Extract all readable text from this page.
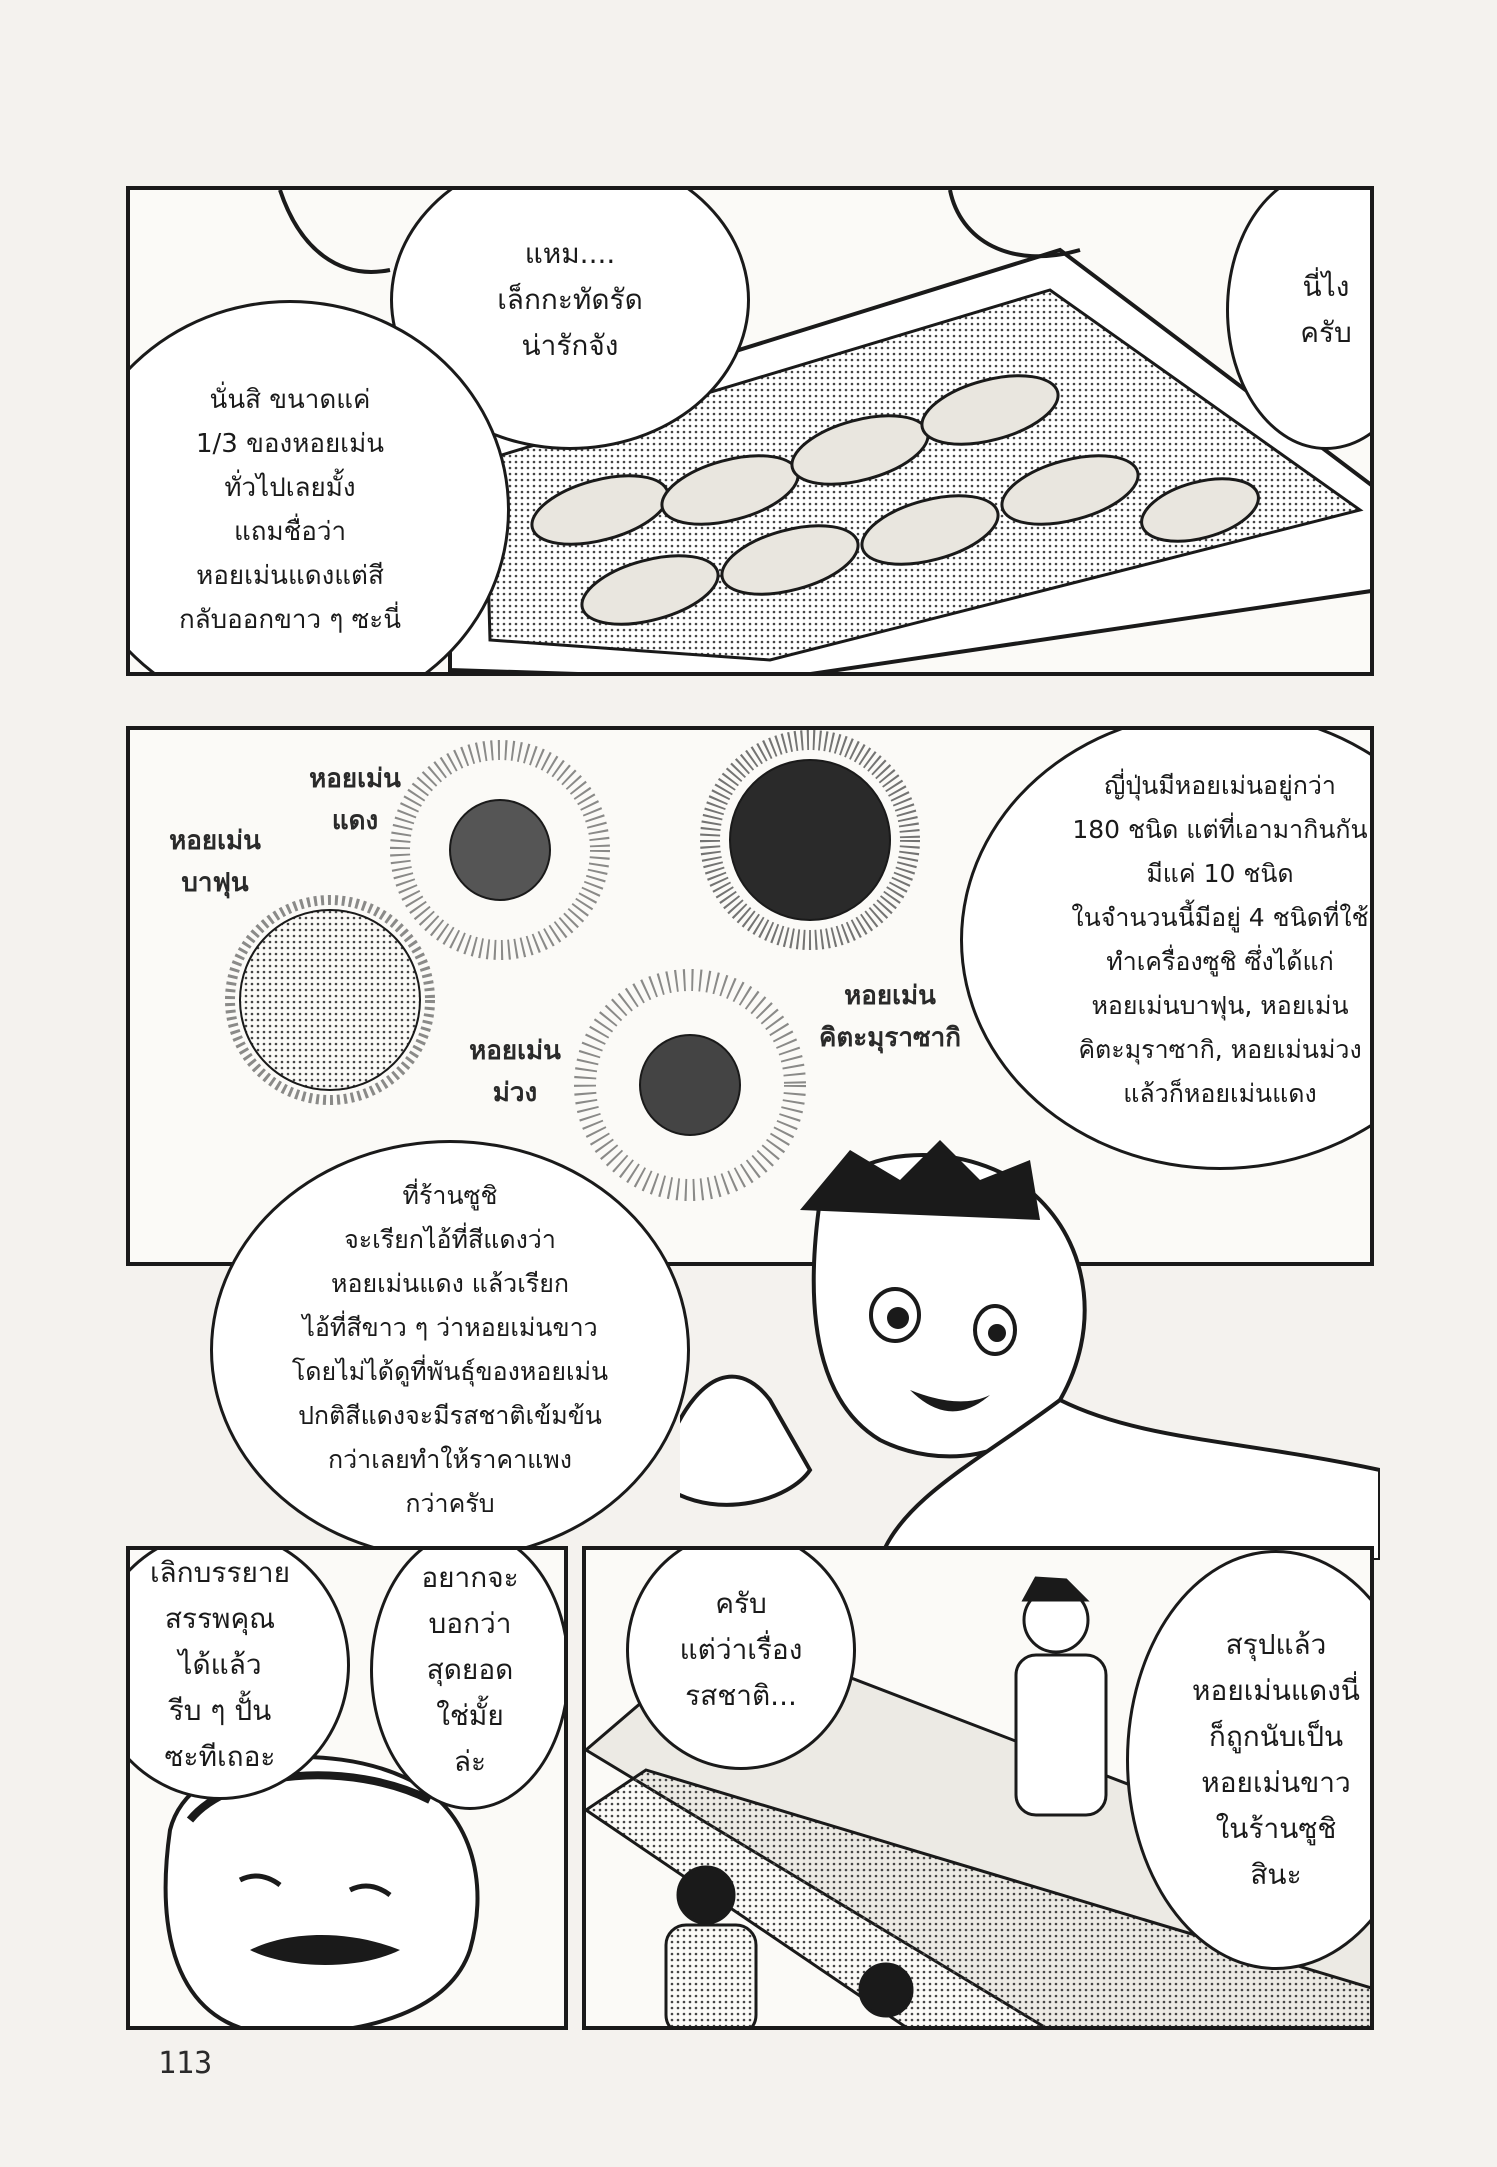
แหม....
เล็กกะทัดรัด
น่ารักจัง
นี่ไง
ครับ
นั่นสิ ขนาดแค่
1/3 ของหอยเม่น
ทั่วไปเลยมั้ง
แถมชื่อว่า
หอยเม่นแดงแต่สี
กลับออกขาว ๆ ซะนี่
หอยเม่น
แดง
หอยเม่น
บาฟุน
หอยเม่น
คิตะมุราซากิ
หอยเม่น
ม่วง
ญี่ปุ่นมีหอยเม่นอยู่กว่า
180 ชนิด แต่ที่เอามากินกัน
มีแค่ 10 ชนิด
ในจำนวนนี้มีอยู่ 4 ชนิดที่ใช้
ทำเครื่องซูชิ ซึ่งได้แก่
หอยเม่นบาฟุน, หอยเม่น
คิตะมุราซากิ, หอยเม่นม่วง
แล้วก็หอยเม่นแดง
ที่ร้านซูชิ
จะเรียกไอ้ที่สีแดงว่า
หอยเม่นแดง แล้วเรียก
ไอ้ที่สีขาว ๆ ว่าหอยเม่นขาว
โดยไม่ได้ดูที่พันธุ์ของหอยเม่น
ปกติสีแดงจะมีรสชาติเข้มข้น
กว่าเลยทำให้ราคาแพง
กว่าครับ
เลิกบรรยาย
สรรพคุณ
ได้แล้ว
รีบ ๆ ปั้น
ซะทีเถอะ
อยากจะ
บอกว่า
สุดยอด
ใช่มั้ย
ล่ะ
ครับ
แต่ว่าเรื่อง
รสชาติ...
สรุปแล้ว
หอยเม่นแดงนี่
ก็ถูกนับเป็น
หอยเม่นขาว
ในร้านซูชิ
สินะ
113
